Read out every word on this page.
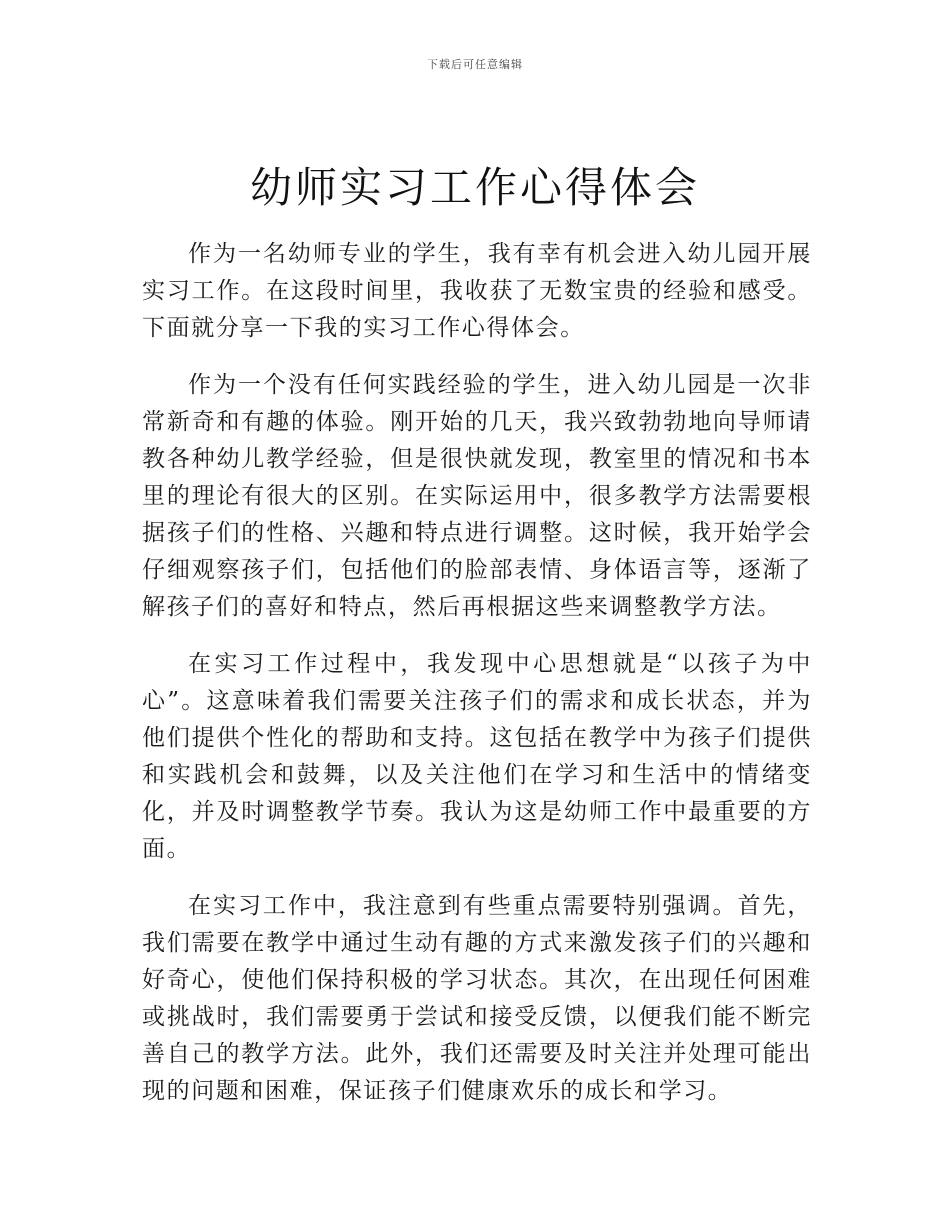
下载后可任意编辑
幼师实习工作心得体会

作为一名幼师专业的学生，我有幸有机会进入幼儿园开展实习工作。在这段时间里，我收获了无数宝贵的经验和感受。下面就分享一下我的实习工作心得体会。

作为一个没有任何实践经验的学生，进入幼儿园是一次非常新奇和有趣的体验。刚开始的几天，我兴致勃勃地向导师请教各种幼儿教学经验，但是很快就发现，教室里的情况和书本里的理论有很大的区别。在实际运用中，很多教学方法需要根据孩子们的性格、兴趣和特点进行调整。这时候，我开始学会仔细观察孩子们，包括他们的脸部表情、身体语言等，逐渐了解孩子们的喜好和特点，然后再根据这些来调整教学方法。

在实习工作过程中，我发现中心思想就是“以孩子为中心”。这意味着我们需要关注孩子们的需求和成长状态，并为他们提供个性化的帮助和支持。这包括在教学中为孩子们提供和实践机会和鼓舞，以及关注他们在学习和生活中的情绪变化，并及时调整教学节奏。我认为这是幼师工作中最重要的方面。

在实习工作中，我注意到有些重点需要特别强调。首先，我们需要在教学中通过生动有趣的方式来激发孩子们的兴趣和好奇心，使他们保持积极的学习状态。其次，在出现任何困难或挑战时，我们需要勇于尝试和接受反馈，以便我们能不断完善自己的教学方法。此外，我们还需要及时关注并处理可能出现的问题和困难，保证孩子们健康欢乐的成长和学习。
